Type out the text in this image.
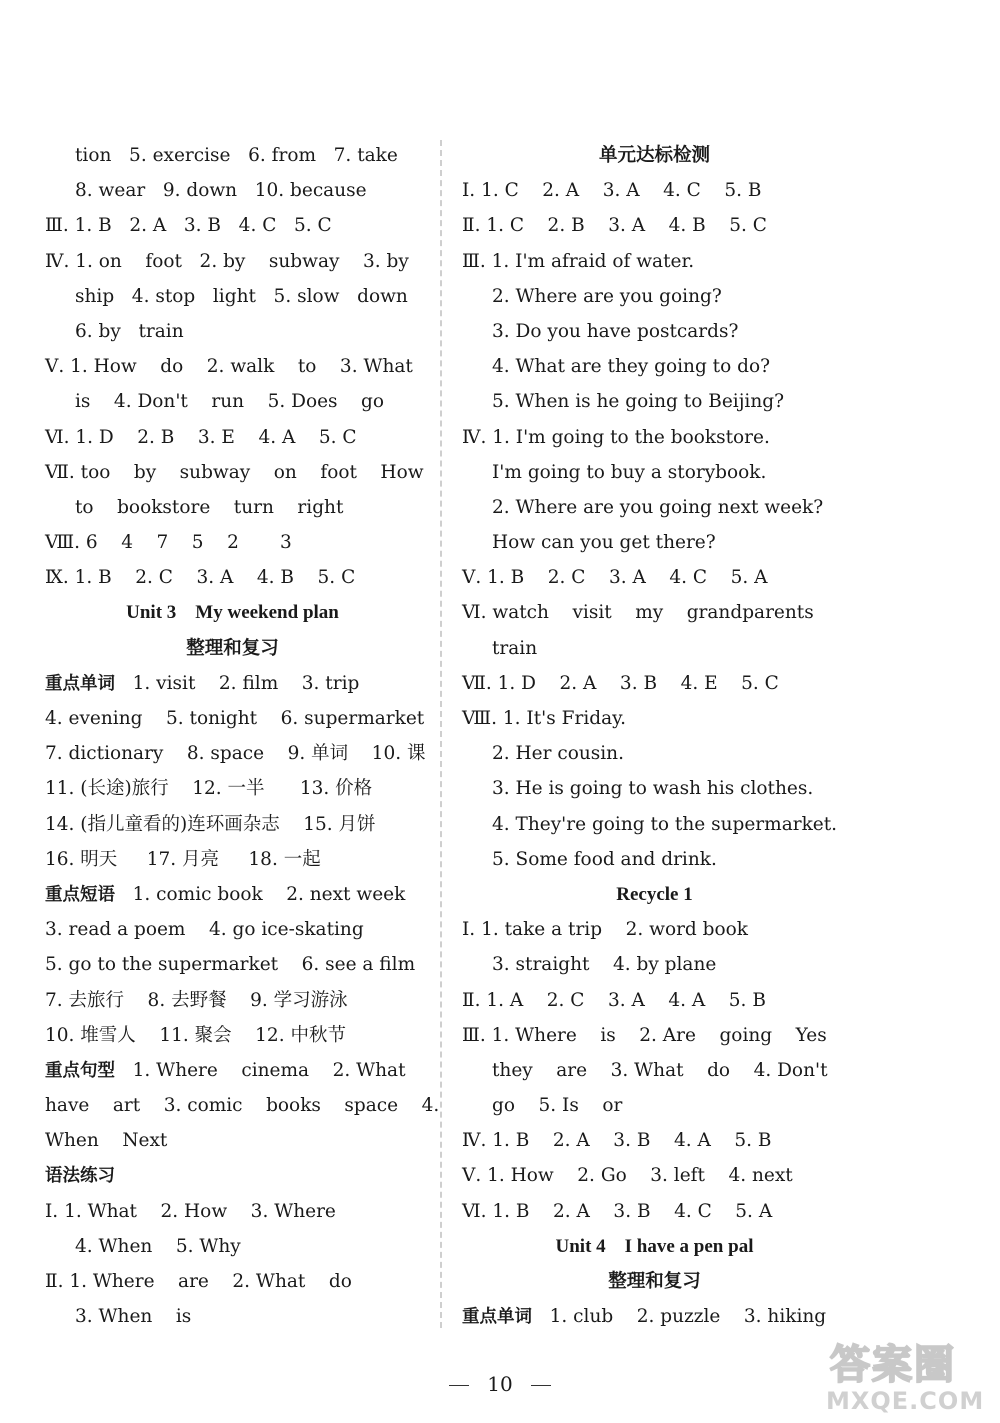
tion   5. exercise   6. from   7. take
8. wear   9. down   10. because
Ⅲ. 1. B   2. A   3. B   4. C   5. C
Ⅳ. 1. on    foot   2. by    subway    3. by
ship   4. stop   light   5. slow   down
6. by   train
Ⅴ. 1. How    do    2. walk    to    3. What
is    4. Don't    run    5. Does    go
Ⅵ. 1. D    2. B    3. E    4. A    5. C
Ⅶ. too    by    subway    on    foot    How
to    bookstore    turn    right
Ⅷ. 6    4    7    5    2       3
Ⅸ. 1. B    2. C    3. A    4. B    5. C
Unit 3    My weekend plan
整理和复习
重点单词   1. visit    2. film    3. trip
4. evening    5. tonight    6. supermarket
7. dictionary    8. space    9. 单词    10. 课
11. (长途)旅行    12. 一半      13. 价格
14. (指儿童看的)连环画杂志    15. 月饼
16. 明天     17. 月亮     18. 一起
重点短语   1. comic book    2. next week
3. read a poem    4. go ice-skating
5. go to the supermarket    6. see a film
7. 去旅行    8. 去野餐    9. 学习游泳
10. 堆雪人    11. 聚会    12. 中秋节
重点句型   1. Where    cinema    2. What
have    art    3. comic    books    space    4.
When    Next
语法练习
Ⅰ. 1. What    2. How    3. Where
4. When    5. Why
Ⅱ. 1. Where    are    2. What    do
3. When    is
单元达标检测
Ⅰ. 1. C    2. A    3. A    4. C    5. B
Ⅱ. 1. C    2. B    3. A    4. B    5. C
Ⅲ. 1. I'm afraid of water.
2. Where are you going?
3. Do you have postcards?
4. What are they going to do?
5. When is he going to Beijing?
Ⅳ. 1. I'm going to the bookstore.
I'm going to buy a storybook.
2. Where are you going next week?
How can you get there?
Ⅴ. 1. B    2. C    3. A    4. C    5. A
Ⅵ. watch    visit    my    grandparents
train
Ⅶ. 1. D    2. A    3. B    4. E    5. C
Ⅷ. 1. It's Friday.
2. Her cousin.
3. He is going to wash his clothes.
4. They're going to the supermarket.
5. Some food and drink.
Recycle 1
Ⅰ. 1. take a trip    2. word book
3. straight    4. by plane
Ⅱ. 1. A    2. C    3. A    4. A    5. B
Ⅲ. 1. Where    is    2. Are    going    Yes
they    are    3. What    do    4. Don't
go    5. Is    or
Ⅳ. 1. B    2. A    3. B    4. A    5. B
Ⅴ. 1. How    2. Go    3. left    4. next
Ⅵ. 1. B    2. A    3. B    4. C    5. A
Unit 4    I have a pen pal
整理和复习
重点单词   1. club    2. puzzle    3. hiking
10	答案圈
MXQE.COM
